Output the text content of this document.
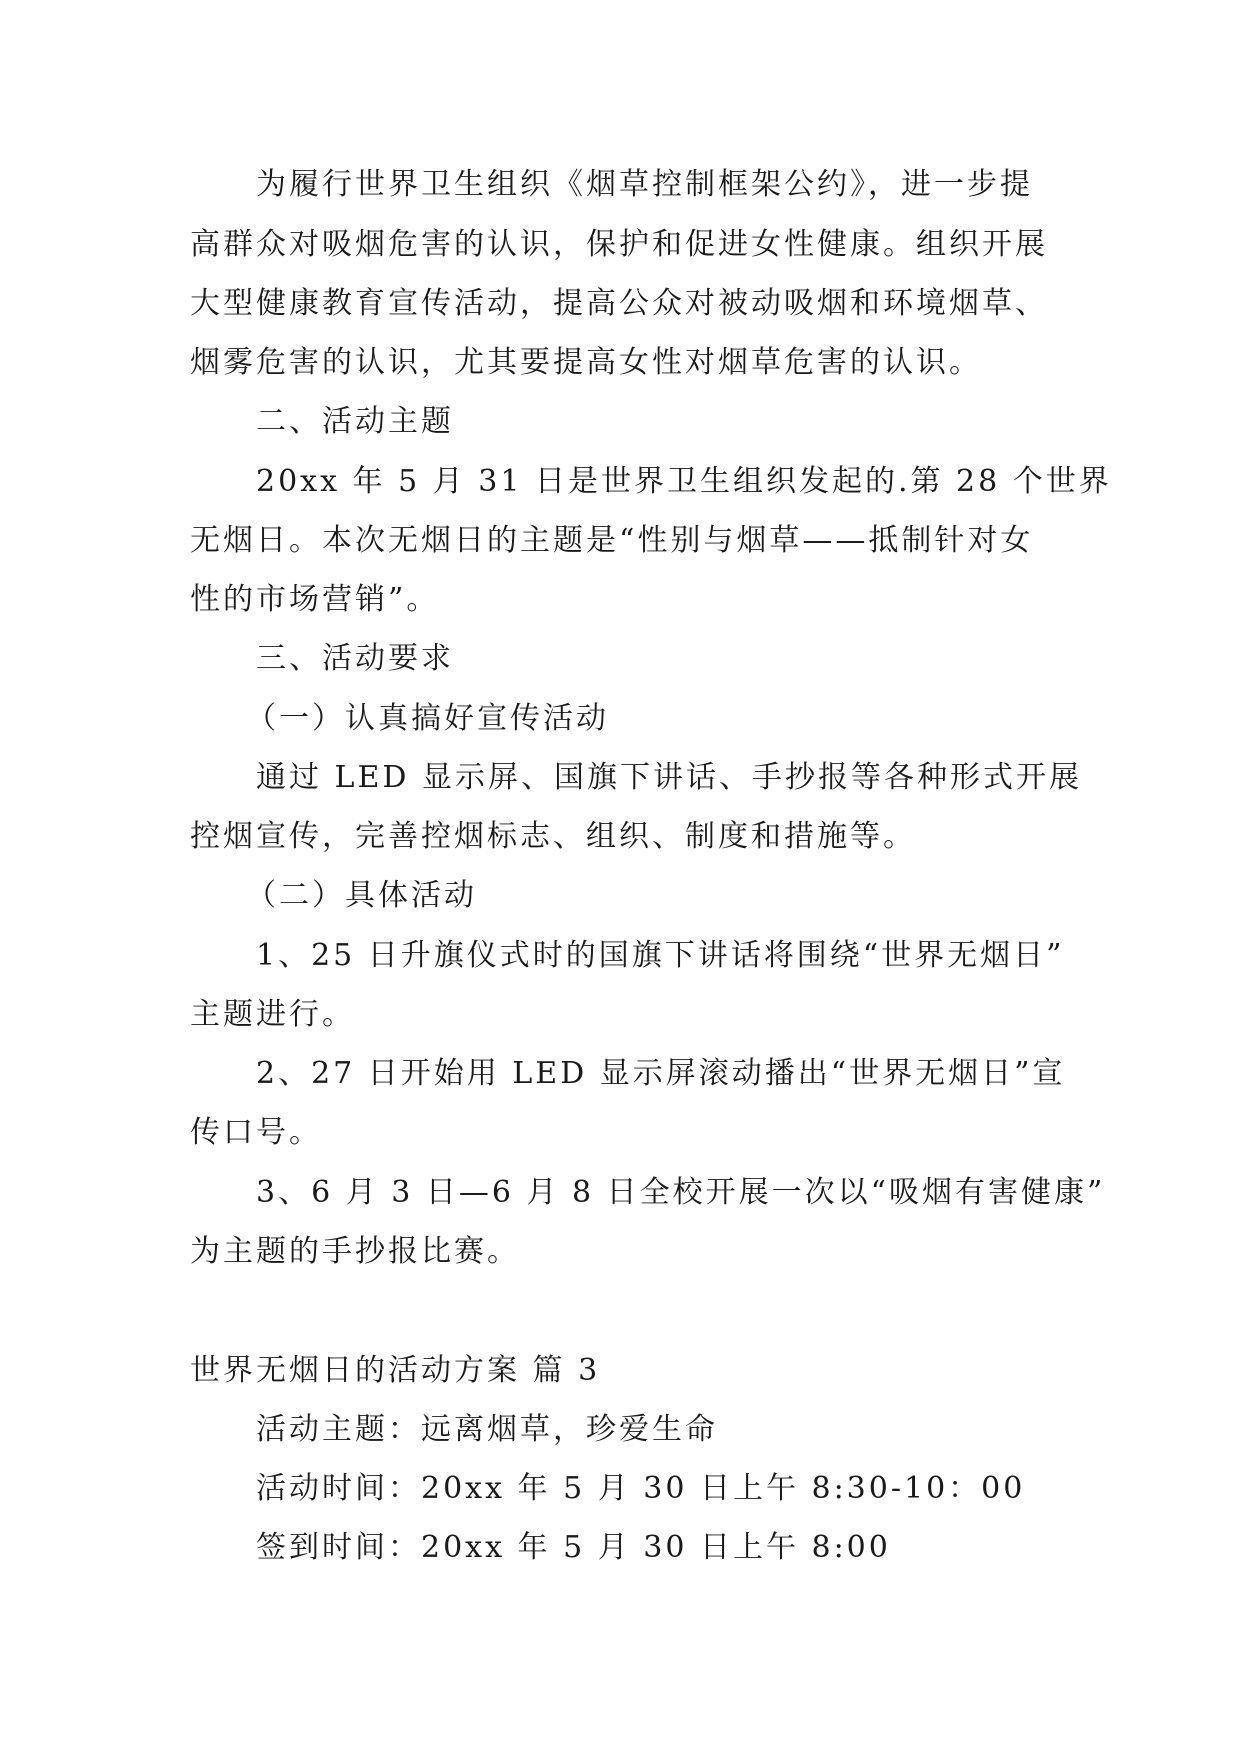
为履行世界卫生组织《烟草控制框架公约》，进一步提
高群众对吸烟危害的认识，保护和促进女性健康。组织开展
大型健康教育宣传活动，提高公众对被动吸烟和环境烟草、
烟雾危害的认识，尤其要提高女性对烟草危害的认识。
二、活动主题
20xx 年 5 月 31 日是世界卫生组织发起的.第 28 个世界
无烟日。本次无烟日的主题是“性别与烟草——抵制针对女
性的市场营销”。
三、活动要求
（一）认真搞好宣传活动
通过 LED 显示屏、国旗下讲话、手抄报等各种形式开展
控烟宣传，完善控烟标志、组织、制度和措施等。
（二）具体活动
1、25 日升旗仪式时的国旗下讲话将围绕“世界无烟日”
主题进行。
2、27 日开始用 LED 显示屏滚动播出“世界无烟日”宣
传口号。
3、6 月 3 日—6 月 8 日全校开展一次以“吸烟有害健康”
为主题的手抄报比赛。
世界无烟日的活动方案 篇 3
活动主题：远离烟草，珍爱生命
活动时间：20xx 年 5 月 30 日上午 8:30-10：00
签到时间：20xx 年 5 月 30 日上午 8:00
